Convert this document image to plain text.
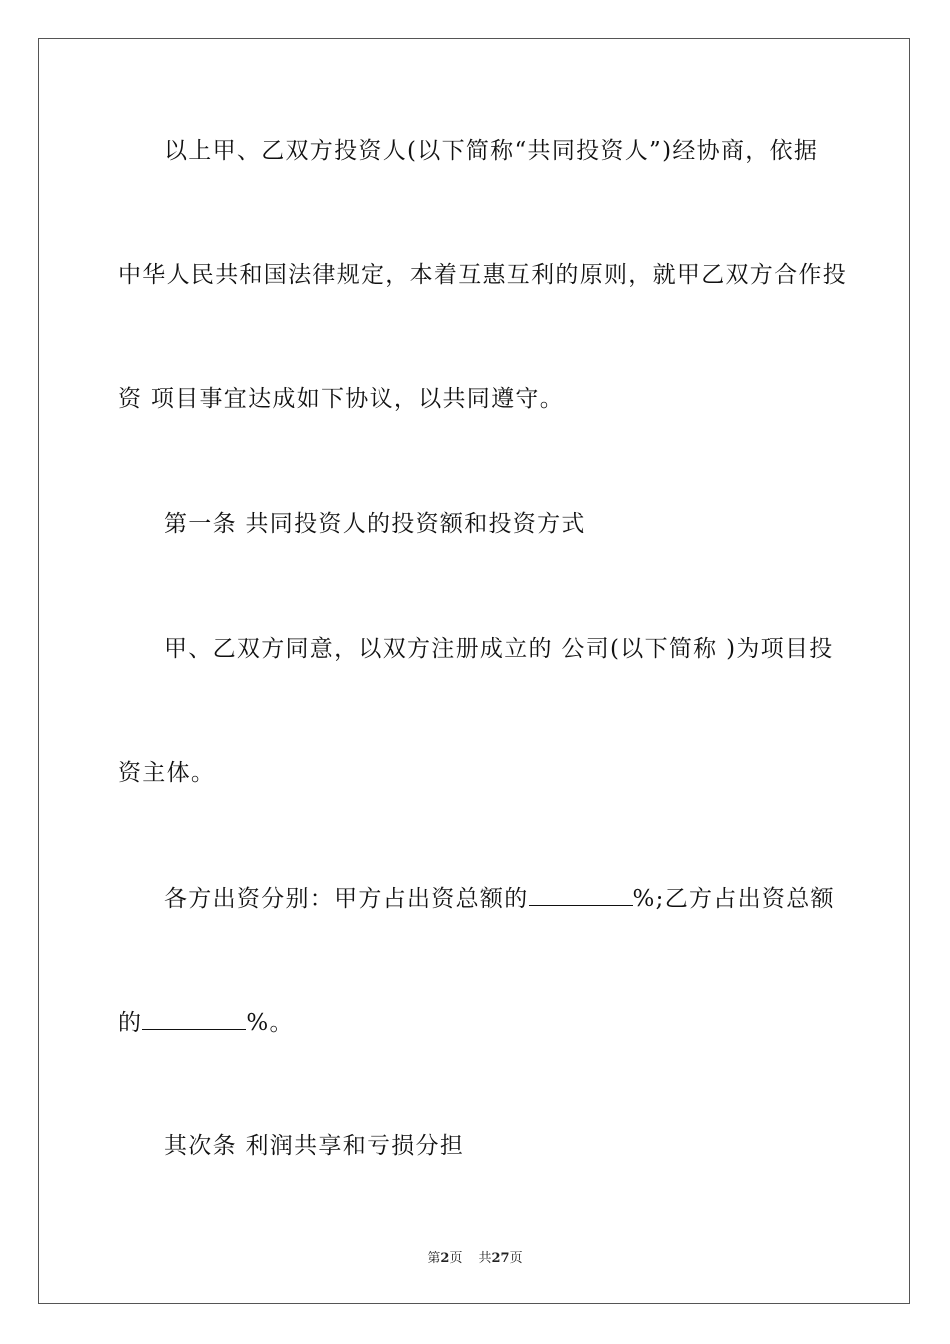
以上甲、乙双方投资人(以下简称“共同投资人”)经协商，依据
中华人民共和国法律规定，本着互惠互利的原则，就甲乙双方合作投
资 项目事宜达成如下协议，以共同遵守。
第一条 共同投资人的投资额和投资方式
甲、乙双方同意，以双方注册成立的 公司(以下简称 )为项目投
资主体。
各方出资分别：甲方占出资总额的	%;乙方占出资总额
的	%。
其次条 利润共享和亏损分担
第2页 共27页
